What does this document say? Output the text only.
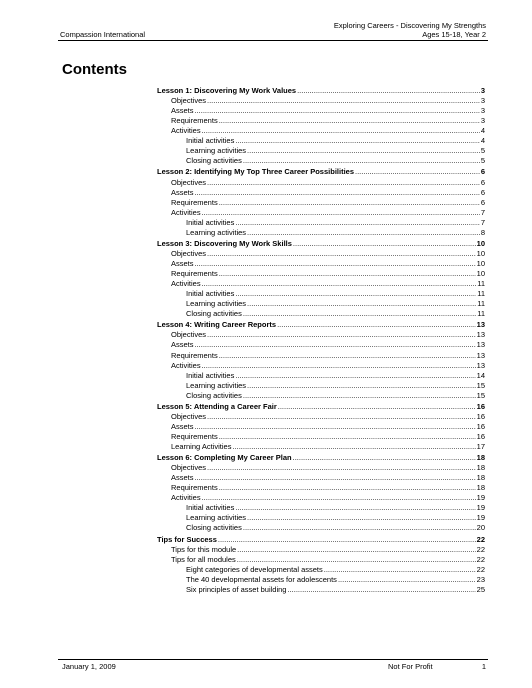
Compassion International
Exploring Careers - Discovering My Strengths
Ages 15-18, Year 2
Contents
Lesson 1: Discovering My Work Values .....	3
Objectives .....	3
Assets .....	3
Requirements .....	3
Activities .....	4
Initial activities .....	4
Learning activities .....	5
Closing activities .....	5
Lesson 2: Identifying My Top Three Career Possibilities .....	6
Objectives .....	6
Assets .....	6
Requirements .....	6
Activities .....	7
Initial activities .....	7
Learning activities .....	8
Lesson 3: Discovering My Work Skills .....	10
Objectives .....	10
Assets .....	10
Requirements .....	10
Activities .....	11
Initial activities .....	11
Learning activities .....	11
Closing activities .....	11
Lesson 4: Writing Career Reports .....	13
Objectives .....	13
Assets .....	13
Requirements .....	13
Activities .....	13
Initial activities .....	14
Learning activities .....	15
Closing activities .....	15
Lesson 5: Attending a Career Fair .....	16
Objectives .....	16
Assets .....	16
Requirements .....	16
Learning Activities .....	17
Lesson 6: Completing My Career Plan .....	18
Objectives .....	18
Assets .....	18
Requirements .....	18
Activities .....	19
Initial activities .....	19
Learning activities .....	19
Closing activities .....	20
Tips for Success .....	22
Tips for this module .....	22
Tips for all modules .....	22
Eight categories of developmental assets .....	22
The 40 developmental assets for adolescents .....	23
Six principles of asset building .....	25
January 1, 2009	Not For Profit	1
